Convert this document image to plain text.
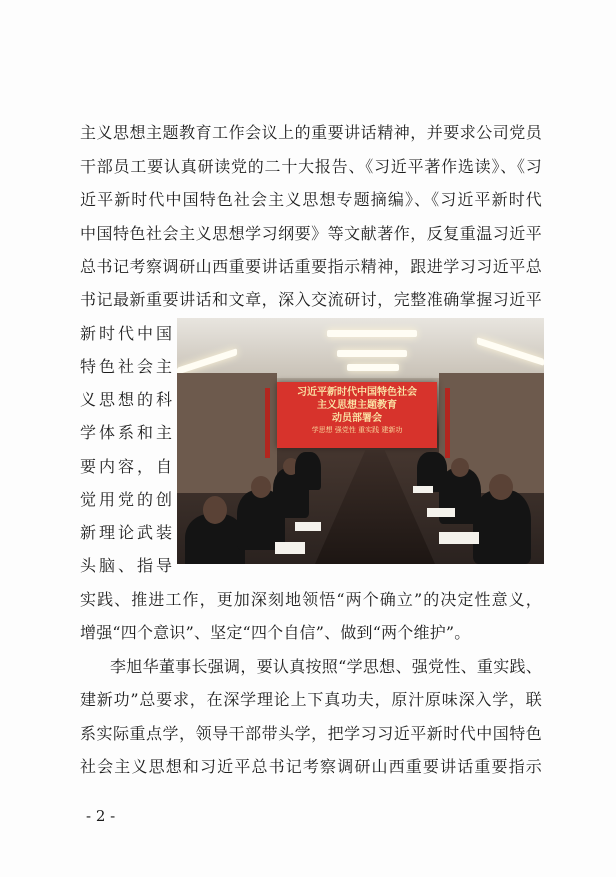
主义思想主题教育工作会议上的重要讲话精神，并要求公司党员
干部员工要认真研读党的二十大报告、《习近平著作选读》、《习
近平新时代中国特色社会主义思想专题摘编》、《习近平新时代
中国特色社会主义思想学习纲要》等文献著作，反复重温习近平
总书记考察调研山西重要讲话重要指示精神，跟进学习习近平总
书记最新重要讲话和文章，深入交流研讨，完整准确掌握习近平
新时代中国
特色社会主
义思想的科
学体系和主
要内容，自
觉用党的创
新理论武装
头脑、指导
习近平新时代中国特色社会
主义思想主题教育
动员部署会
学思想 强党性 重实践 建新功
实践、推进工作，更加深刻地领悟“两个确立”的决定性意义，
增强“四个意识”、坚定“四个自信”、做到“两个维护”。
李旭华董事长强调，要认真按照“学思想、强党性、重实践、
建新功”总要求，在深学理论上下真功夫，原汁原味深入学，联
系实际重点学，领导干部带头学，把学习习近平新时代中国特色
社会主义思想和习近平总书记考察调研山西重要讲话重要指示
- 2 -
